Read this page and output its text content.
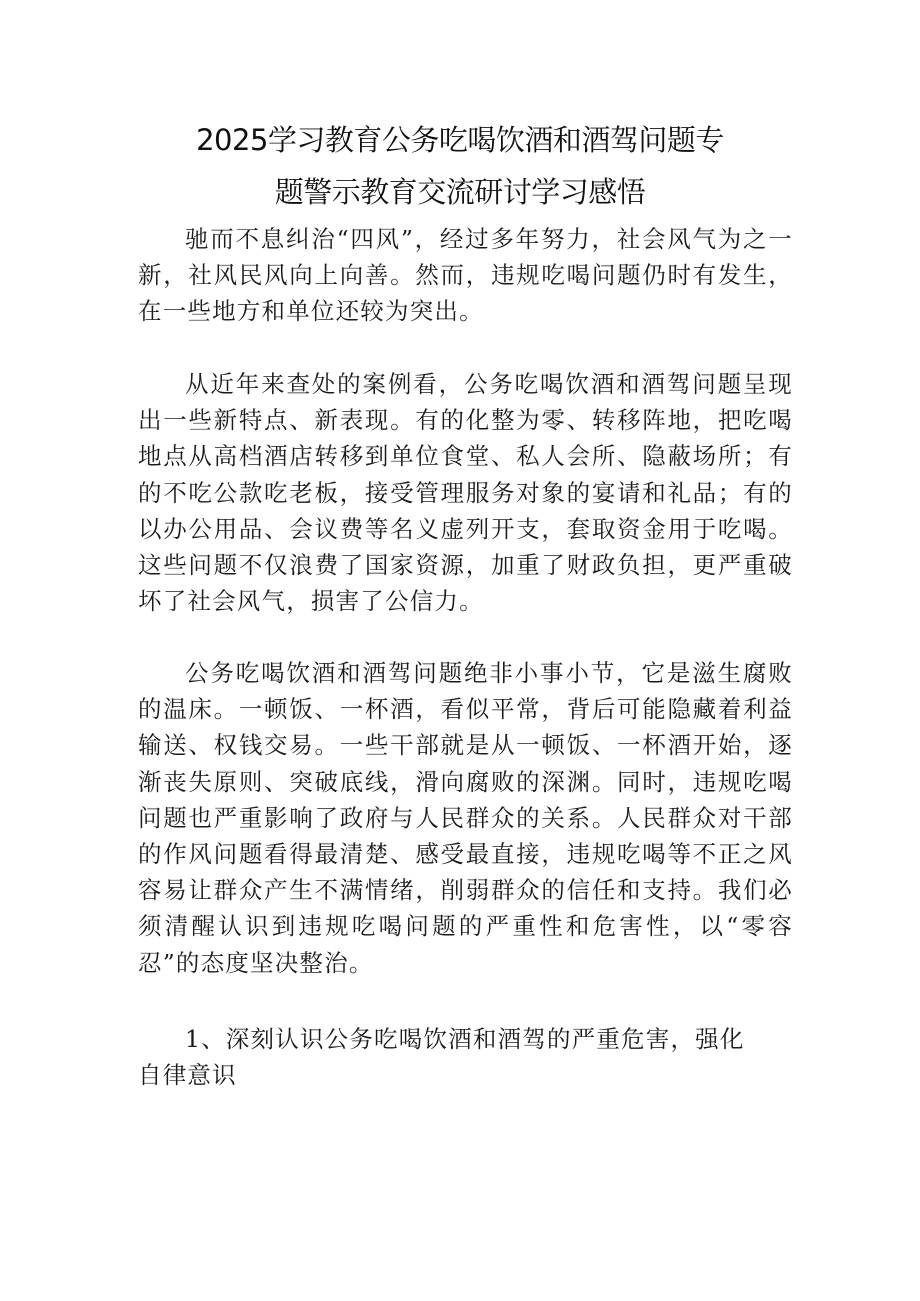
2025学习教育公务吃喝饮酒和酒驾问题专
题警示教育交流研讨学习感悟

驰而不息纠治“四风”，经过多年努力，社会风气为之一新，社风民风向上向善。然而，违规吃喝问题仍时有发生，在一些地方和单位还较为突出。

从近年来查处的案例看，公务吃喝饮酒和酒驾问题呈现出一些新特点、新表现。有的化整为零、转移阵地，把吃喝地点从高档酒店转移到单位食堂、私人会所、隐蔽场所；有的不吃公款吃老板，接受管理服务对象的宴请和礼品；有的以办公用品、会议费等名义虚列开支，套取资金用于吃喝。这些问题不仅浪费了国家资源，加重了财政负担，更严重破坏了社会风气，损害了公信力。

公务吃喝饮酒和酒驾问题绝非小事小节，它是滋生腐败的温床。一顿饭、一杯酒，看似平常，背后可能隐藏着利益输送、权钱交易。一些干部就是从一顿饭、一杯酒开始，逐渐丧失原则、突破底线，滑向腐败的深渊。同时，违规吃喝问题也严重影响了政府与人民群众的关系。人民群众对干部的作风问题看得最清楚、感受最直接，违规吃喝等不正之风容易让群众产生不满情绪，削弱群众的信任和支持。我们必须清醒认识到违规吃喝问题的严重性和危害性，以“零容忍”的态度坚决整治。

1、深刻认识公务吃喝饮酒和酒驾的严重危害，强化自律意识
